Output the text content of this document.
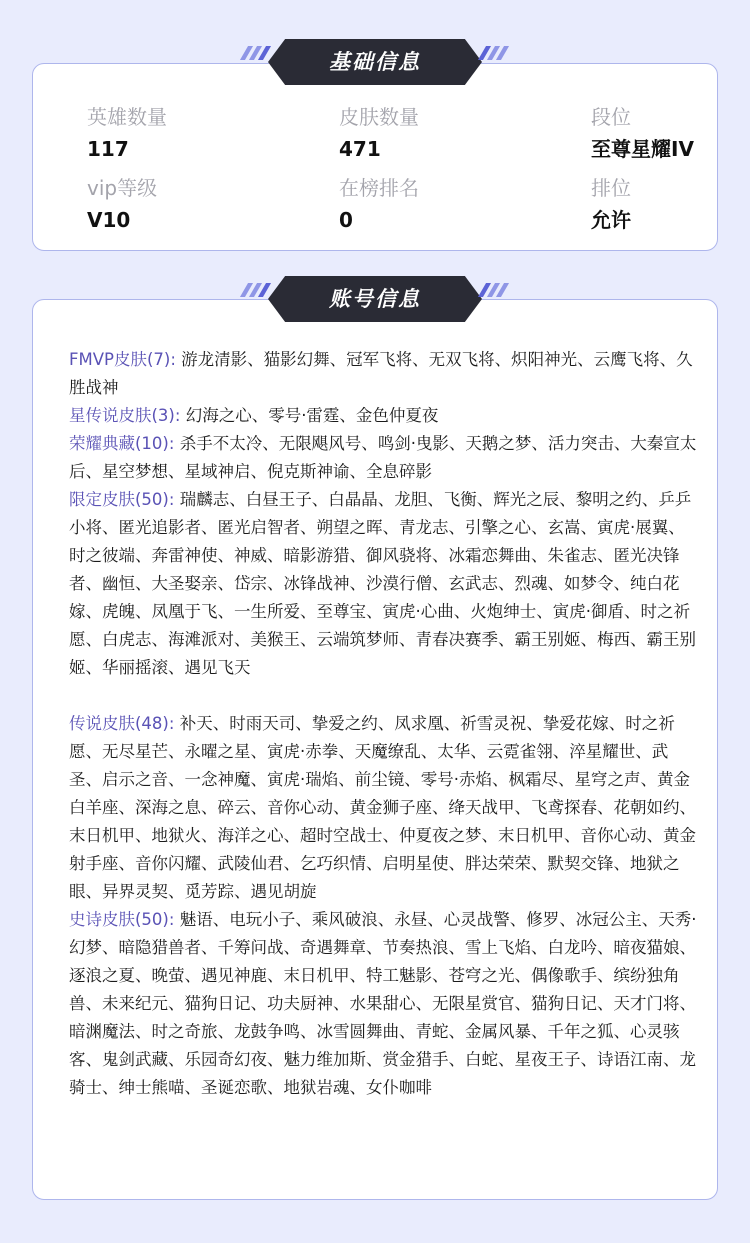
基础信息
英雄数量
117
皮肤数量
471
段位
至尊星耀IV
vip等级
V10
在榜排名
0
排位
允许
账号信息

FMVP皮肤(7): 游龙清影、猫影幻舞、冠军飞将、无双飞将、炽阳神光、云鹰飞将、久胜战神

星传说皮肤(3): 幻海之心、零号·雷霆、金色仲夏夜

荣耀典藏(10): 杀手不太冷、无限飓风号、鸣剑·曳影、天鹅之梦、活力突击、大秦宣太后、星空梦想、星域神启、倪克斯神谕、全息碎影

限定皮肤(50): 瑞麟志、白昼王子、白晶晶、龙胆、飞衡、辉光之辰、黎明之约、乒乒小将、匿光追影者、匿光启智者、朔望之晖、青龙志、引擎之心、玄嵩、寅虎·展翼、时之彼端、奔雷神使、神威、暗影游猎、御风骁将、冰霜恋舞曲、朱雀志、匿光决锋者、幽恒、大圣娶亲、岱宗、冰锋战神、沙漠行僧、玄武志、烈魂、如梦令、纯白花嫁、虎魄、凤凰于飞、一生所爱、至尊宝、寅虎·心曲、火炮绅士、寅虎·御盾、时之祈愿、白虎志、海滩派对、美猴王、云端筑梦师、青春决赛季、霸王别姬、梅西、霸王别姬、华丽摇滚、遇见飞天

传说皮肤(48): 补天、时雨天司、挚爱之约、凤求凰、祈雪灵祝、挚爱花嫁、时之祈愿、无尽星芒、永曜之星、寅虎·赤拳、天魔缭乱、太华、云霓雀翎、淬星耀世、武圣、启示之音、一念神魔、寅虎·瑞焰、前尘镜、零号·赤焰、枫霜尽、星穹之声、黄金白羊座、深海之息、碎云、音你心动、黄金狮子座、绛天战甲、飞鸢探春、花朝如约、末日机甲、地狱火、海洋之心、超时空战士、仲夏夜之梦、末日机甲、音你心动、黄金射手座、音你闪耀、武陵仙君、乞巧织情、启明星使、胖达荣荣、默契交锋、地狱之眼、异界灵契、觅芳踪、遇见胡旋

史诗皮肤(50): 魅语、电玩小子、乘风破浪、永昼、心灵战警、修罗、冰冠公主、天秀·幻梦、暗隐猎兽者、千筹问战、奇遇舞章、节奏热浪、雪上飞焰、白龙吟、暗夜猫娘、逐浪之夏、晚萤、遇见神鹿、末日机甲、特工魅影、苍穹之光、偶像歌手、缤纷独角兽、未来纪元、猫狗日记、功夫厨神、水果甜心、无限星赏官、猫狗日记、天才门将、暗渊魔法、时之奇旅、龙鼓争鸣、冰雪圆舞曲、青蛇、金属风暴、千年之狐、心灵骇客、鬼剑武藏、乐园奇幻夜、魅力维加斯、赏金猎手、白蛇、星夜王子、诗语江南、龙骑士、绅士熊喵、圣诞恋歌、地狱岩魂、女仆咖啡
